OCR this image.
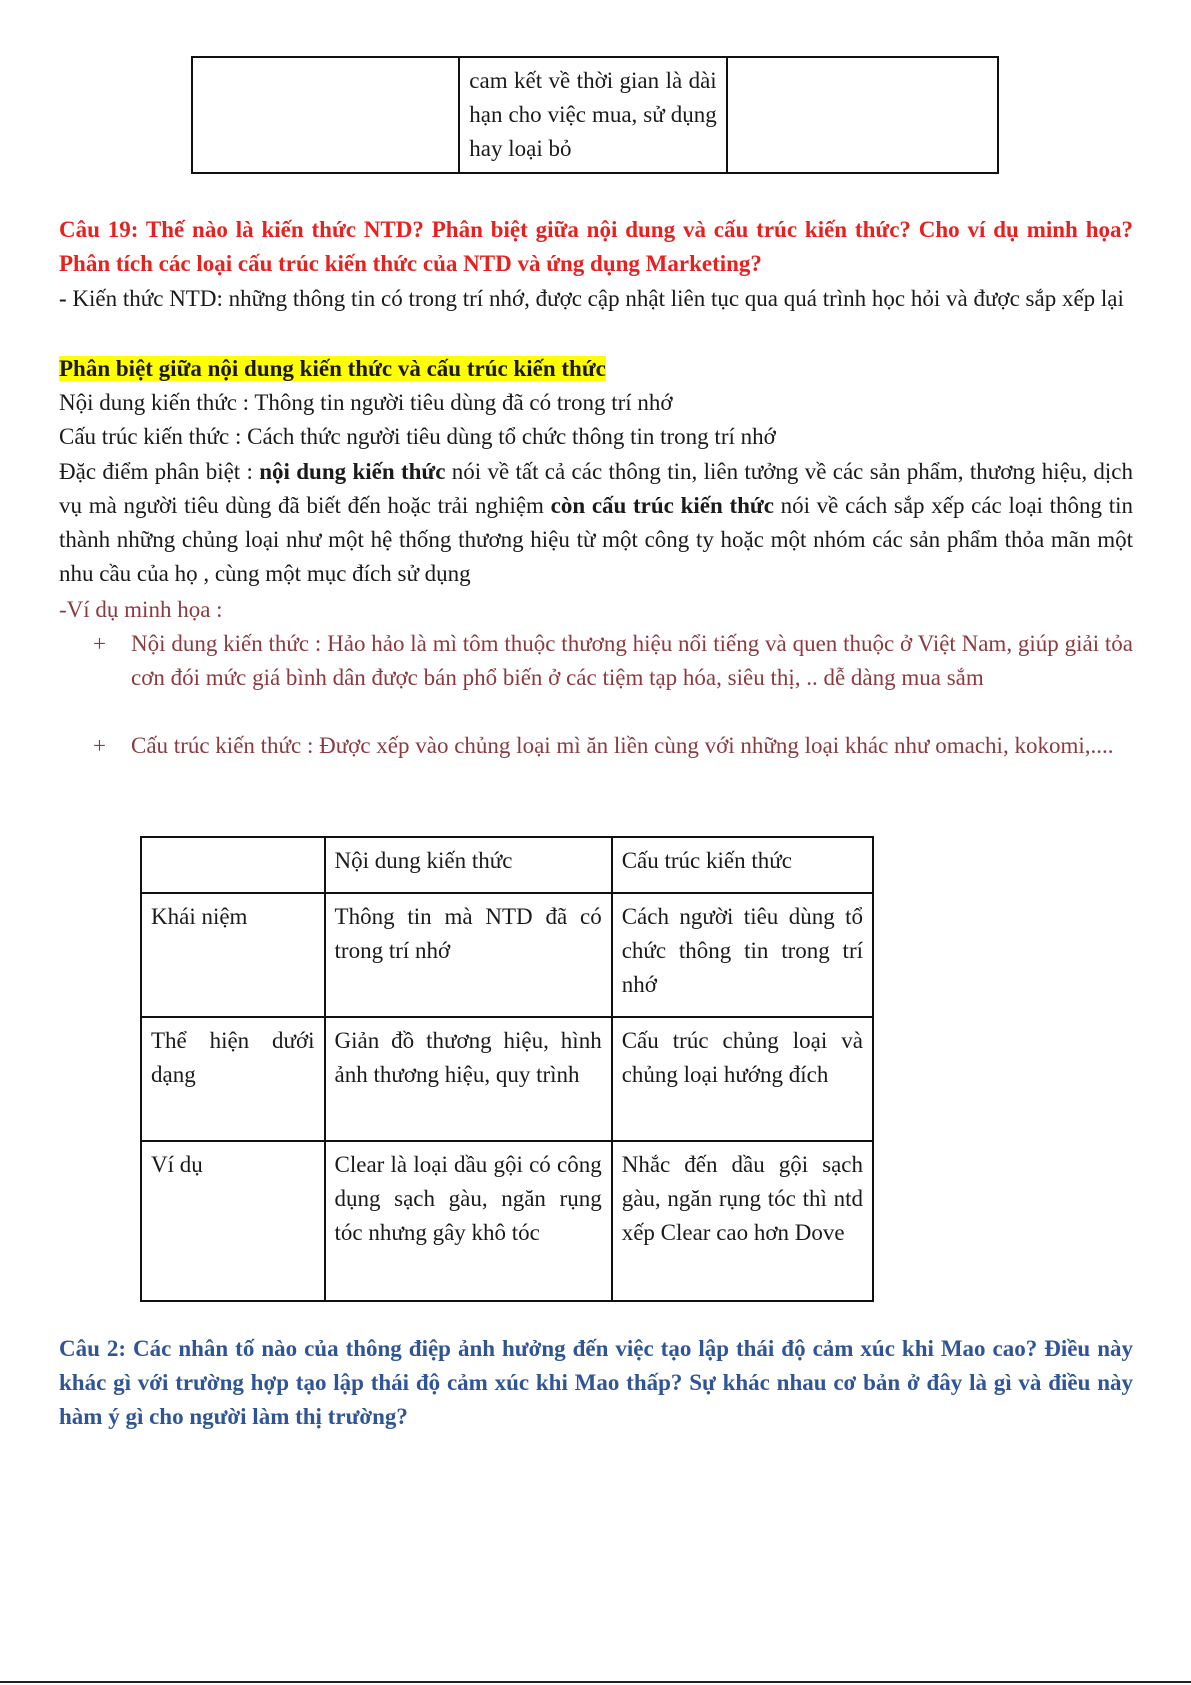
	cam kết về thời gian là dài hạn cho việc mua, sử dụng hay loại bỏ	
Câu 19: Thế nào là kiến thức NTD? Phân biệt giữa nội dung và cấu trúc kiến thức? Cho ví dụ minh họa? Phân tích các loại cấu trúc kiến thức của NTD và ứng dụng Marketing?
- Kiến thức NTD: những thông tin có trong trí nhớ, được cập nhật liên tục qua quá trình học hỏi và được sắp xếp lại
Phân biệt giữa nội dung kiến thức và cấu trúc kiến thức
Nội dung kiến thức : Thông tin người tiêu dùng đã có trong trí nhớ
Cấu trúc kiến thức : Cách thức người tiêu dùng tổ chức thông tin trong trí nhớ
Đặc điểm phân biệt : nội dung kiến thức nói về tất cả các thông tin, liên tưởng về các sản phẩm, thương hiệu, dịch vụ mà người tiêu dùng đã biết đến hoặc trải nghiệm còn cấu trúc kiến thức nói về cách sắp xếp các loại thông tin thành những chủng loại như một hệ thống thương hiệu từ một công ty hoặc một nhóm các sản phẩm thỏa mãn một nhu cầu của họ , cùng một mục đích sử dụng
-Ví dụ minh họa :
+	Nội dung kiến thức : Hảo hảo là mì tôm thuộc thương hiệu nổi tiếng và quen thuộc ở Việt Nam, giúp giải tỏa cơn đói mức giá bình dân được bán phổ biến ở các tiệm tạp hóa, siêu thị, .. dễ dàng mua sắm
+	Cấu trúc kiến thức : Được xếp vào chủng loại mì ăn liền cùng với những loại khác như omachi, kokomi,....
	Nội dung kiến thức	Cấu trúc kiến thức
Khái niệm	Thông tin mà NTD đã có trong trí nhớ	Cách người tiêu dùng tổ chức thông tin trong trí nhớ
Thể hiện dưới dạng	Giản đồ thương hiệu, hình ảnh thương hiệu, quy trình	Cấu trúc chủng loại và chủng loại hướng đích
Ví dụ	Clear là loại dầu gội có công dụng sạch gàu, ngăn rụng tóc nhưng gây khô tóc	Nhắc đến dầu gội sạch gàu, ngăn rụng tóc thì ntd xếp Clear cao hơn Dove
Câu 2: Các nhân tố nào của thông điệp ảnh hưởng đến việc tạo lập thái độ cảm xúc khi Mao cao? Điều này khác gì với trường hợp tạo lập thái độ cảm xúc khi Mao thấp? Sự khác nhau cơ bản ở đây là gì và điều này hàm ý gì cho người làm thị trường?
